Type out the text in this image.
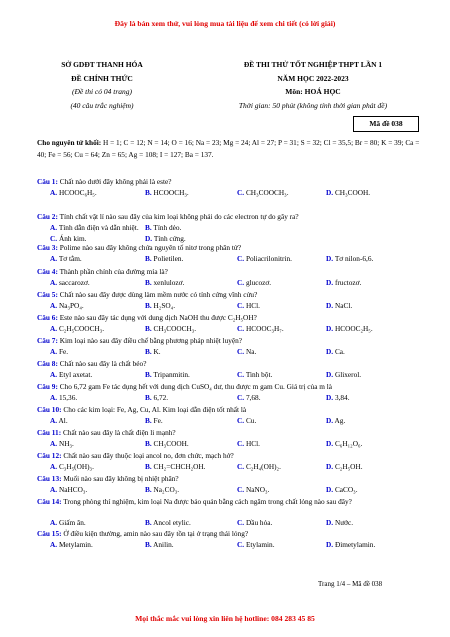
Đây là bản xem thử, vui lòng mua tài liệu để xem chi tiết (có lời giải)
SỞ GDĐT THANH HÓA
ĐỀ CHÍNH THỨC
(Đề thi có 04 trang)
(40 câu trắc nghiệm)
ĐỀ THI THỬ TỐT NGHIỆP THPT LẦN 1
NĂM HỌC 2022-2023
Môn: HOÁ HỌC
Thời gian: 50 phút (không tính thời gian phát đề)
Mã đề 038
Cho nguyên tử khối: H = 1; C = 12; N = 14; O = 16; Na = 23; Mg = 24; Al = 27; P = 31; S = 32; Cl = 35,5; Br = 80; K = 39; Ca = 40; Fe = 56; Cu = 64; Zn = 65; Ag = 108; I = 127; Ba = 137.
Câu 1: Chất nào dưới đây không phải là este?
A. HCOOC₆H₅.	B. HCOOCH₃.	C. CH₃COOCH₃.	D. CH₃COOH.
Câu 2: Tính chất vật lí nào sau đây của kim loại không phải do các electron tự do gây ra?
A. Tính dẫn điện và dẫn nhiệt. B. Tính dẻo.
C. Ánh kim.	D. Tính cứng.
Câu 3: Polime nào sau đây không chứa nguyên tố nitơ trong phân tử?
A. Tơ tằm.	B. Polietilen.	C. Poliacrilonitrin.	D. Tơ nilon-6,6.
Câu 4: Thành phần chính của đường mía là?
A. saccarozơ.	B. xenlulozơ.	C. glucozơ.	D. fructozơ.
Câu 5: Chất nào sau đây được dùng làm mềm nước có tính cứng vĩnh cửu?
A. Na₃PO₄.	B. H₂SO₄.	C. HCl.	D. NaCl.
Câu 6: Este nào sau đây tác dụng với dung dịch NaOH thu được C₂H₅OH?
A. C₂H₅COOCH₃.	B. CH₃COOCH₃.	C. HCOOC₃H₇.	D. HCOOC₂H₅.
Câu 7: Kim loại nào sau đây điều chế bằng phương pháp nhiệt luyện?
A. Fe.	B. K.	C. Na.	D. Ca.
Câu 8: Chất nào sau đây là chất béo?
A. Etyl axetat.	B. Tripanmitin.	C. Tinh bột.	D. Glixerol.
Câu 9: Cho 6,72 gam Fe tác dụng hết với dung dịch CuSO₄ dư, thu được m gam Cu. Giá trị của m là
A. 15,36.	B. 6,72.	C. 7,68.	D. 3,84.
Câu 10: Cho các kim loại: Fe, Ag, Cu, Al. Kim loại dẫn điện tốt nhất là
A. Al.	B. Fe.	C. Cu.	D. Ag.
Câu 11: Chất nào sau đây là chất điện li mạnh?
A. NH₃.	B. CH₃COOH.	C. HCl.	D. C₆H₁₂O₆.
Câu 12: Chất nào sau đây thuộc loại ancol no, đơn chức, mạch hở?
A. C₃H₅(OH)₃.	B. CH₂=CHCH₂OH.	C. C₂H₄(OH)₂.	D. C₂H₅OH.
Câu 13: Muối nào sau đây không bị nhiệt phân?
A. NaHCO₃.	B. Na₂CO₃.	C. NaNO₃.	D. CaCO₃.
Câu 14: Trong phòng thí nghiệm, kim loại Na được bảo quản bằng cách ngâm trong chất lỏng nào sau đây?
A. Giấm ăn.	B. Ancol etylic.	C. Dầu hỏa.	D. Nước.
Câu 15: Ở điều kiện thường, amin nào sau đây tồn tại ở trạng thái lỏng?
A. Metylamin.	B. Anilin.	C. Etylamin.	D. Đimetylamin.
Trang 1/4 – Mã đề 038
Mọi thắc mắc vui lòng xin liên hệ hotline: 084 283 45 85
